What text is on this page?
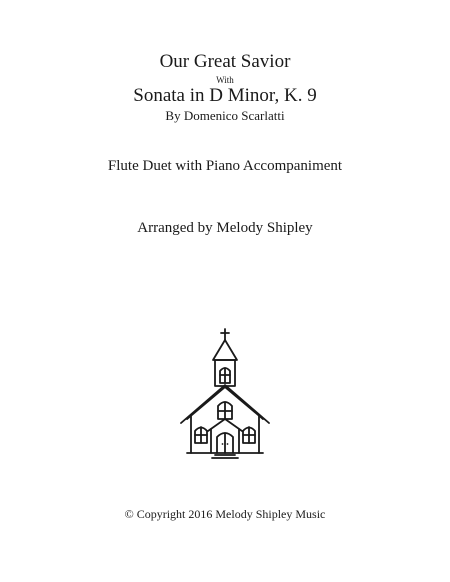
Our Great Savior
With
Sonata in D Minor, K. 9
By Domenico Scarlatti
Flute Duet with Piano Accompaniment
Arranged by Melody Shipley
© Copyright 2016 Melody Shipley Music
